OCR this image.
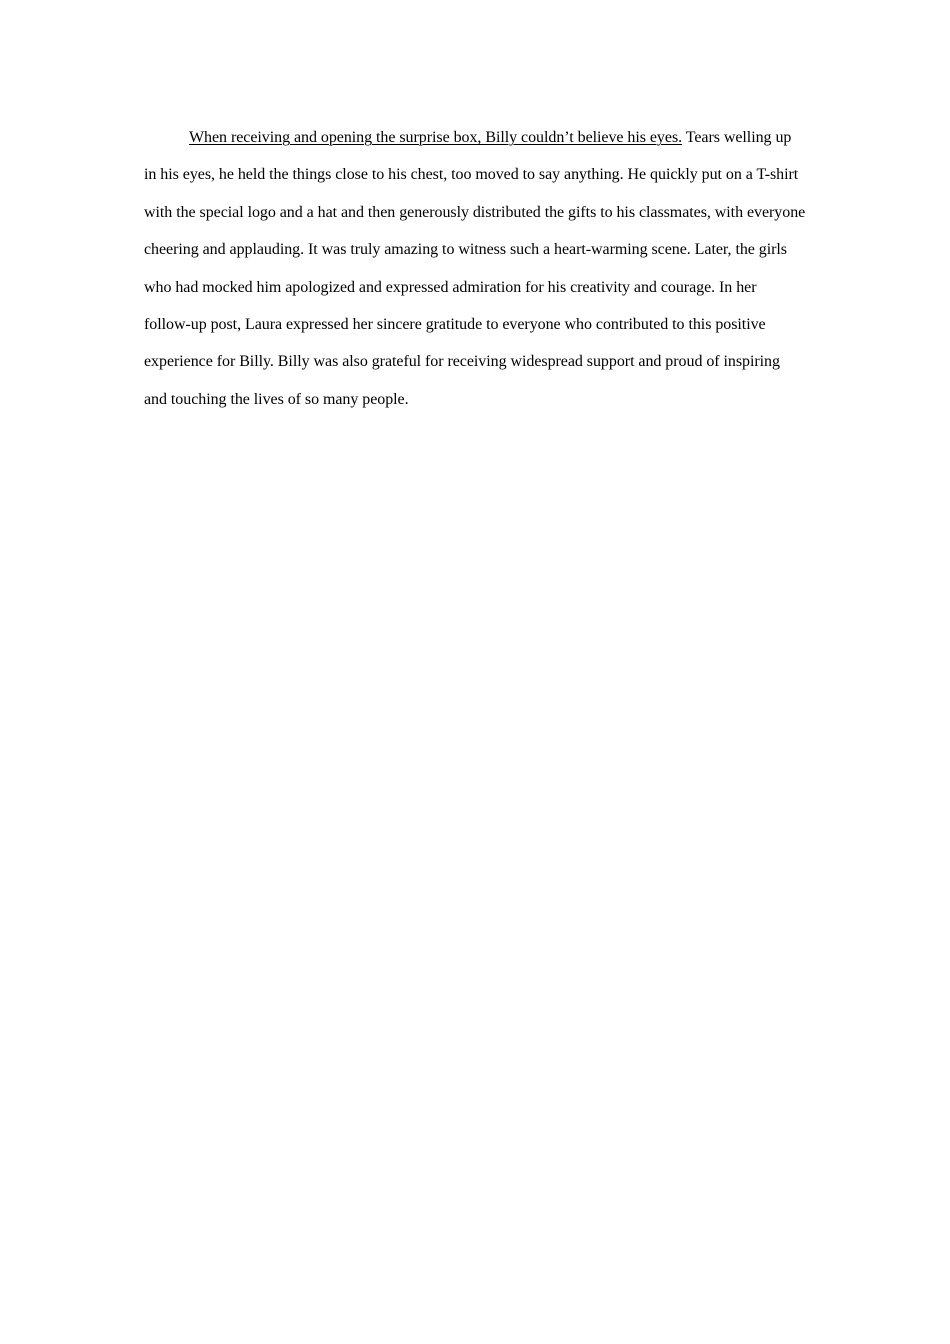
When receiving and opening the surprise box, Billy couldn’t believe his eyes. Tears welling up in his eyes, he held the things close to his chest, too moved to say anything. He quickly put on a T-shirt with the special logo and a hat and then generously distributed the gifts to his classmates, with everyone cheering and applauding. It was truly amazing to witness such a heart-warming scene. Later, the girls who had mocked him apologized and expressed admiration for his creativity and courage. In her follow-up post, Laura expressed her sincere gratitude to everyone who contributed to this positive experience for Billy. Billy was also grateful for receiving widespread support and proud of inspiring and touching the lives of so many people.
